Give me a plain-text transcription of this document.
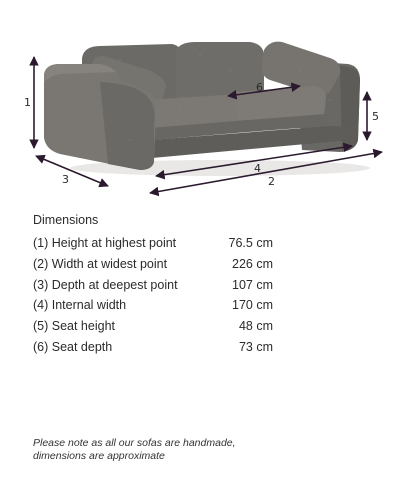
1
2
3
4
5
6
Dimensions
(1) Height at highest point	76.5 cm
(2) Width at widest point	226 cm
(3) Depth at deepest point	107 cm
(4) Internal width	170 cm
(5) Seat height	48 cm
(6) Seat depth	73 cm
Please note as all our sofas are handmade,
dimensions are approximate
